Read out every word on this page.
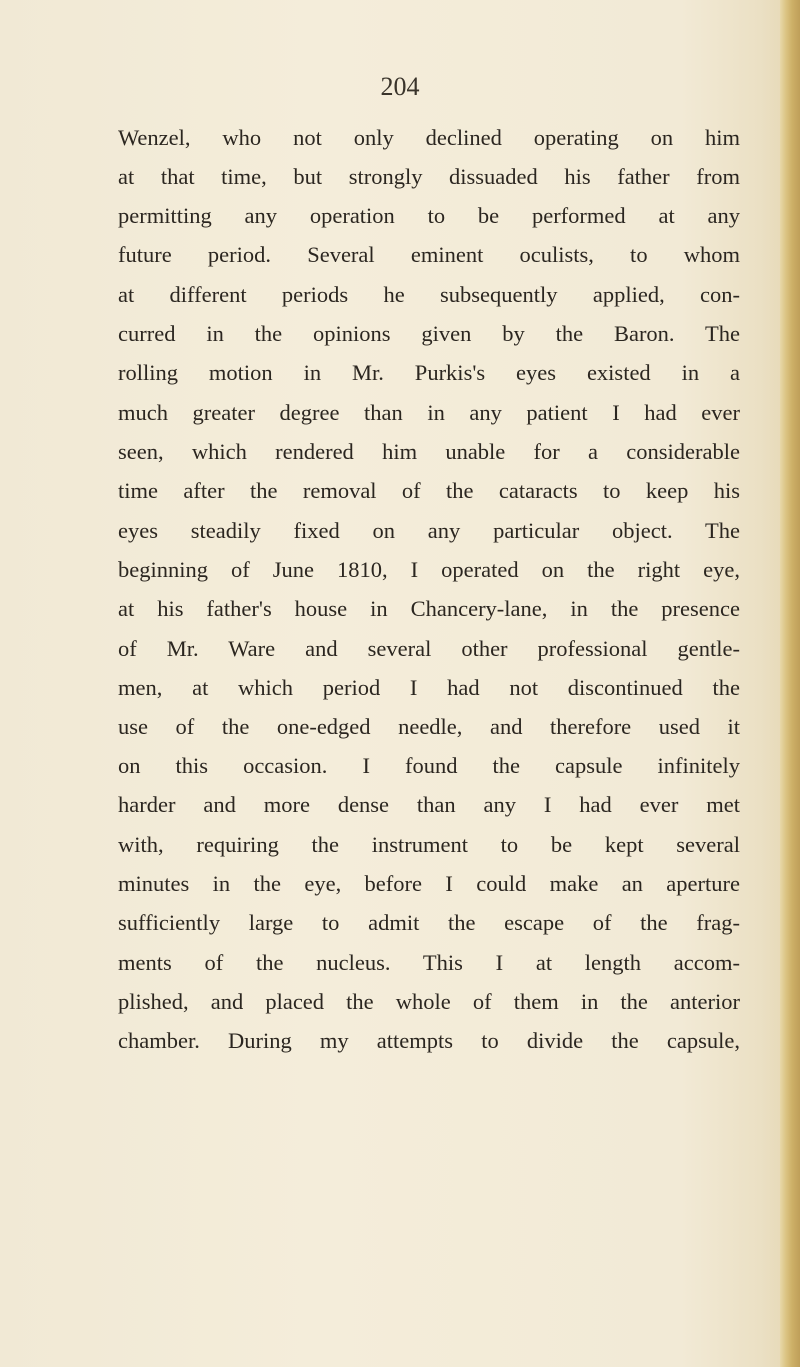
204
Wenzel, who not only declined operating on him
at that time, but strongly dissuaded his father from
permitting any operation to be performed at any
future period. Several eminent oculists, to whom
at different periods he subsequently applied, con-
curred in the opinions given by the Baron. The
rolling motion in Mr. Purkis's eyes existed in a
much greater degree than in any patient I had ever
seen, which rendered him unable for a considerable
time after the removal of the cataracts to keep his
eyes steadily fixed on any particular object. The
beginning of June 1810, I operated on the right eye,
at his father's house in Chancery-lane, in the presence
of Mr. Ware and several other professional gentle-
men, at which period I had not discontinued the
use of the one-edged needle, and therefore used it
on this occasion. I found the capsule infinitely
harder and more dense than any I had ever met
with, requiring the instrument to be kept several
minutes in the eye, before I could make an aperture
sufficiently large to admit the escape of the frag-
ments of the nucleus. This I at length accom-
plished, and placed the whole of them in the anterior
chamber. During my attempts to divide the capsule,
